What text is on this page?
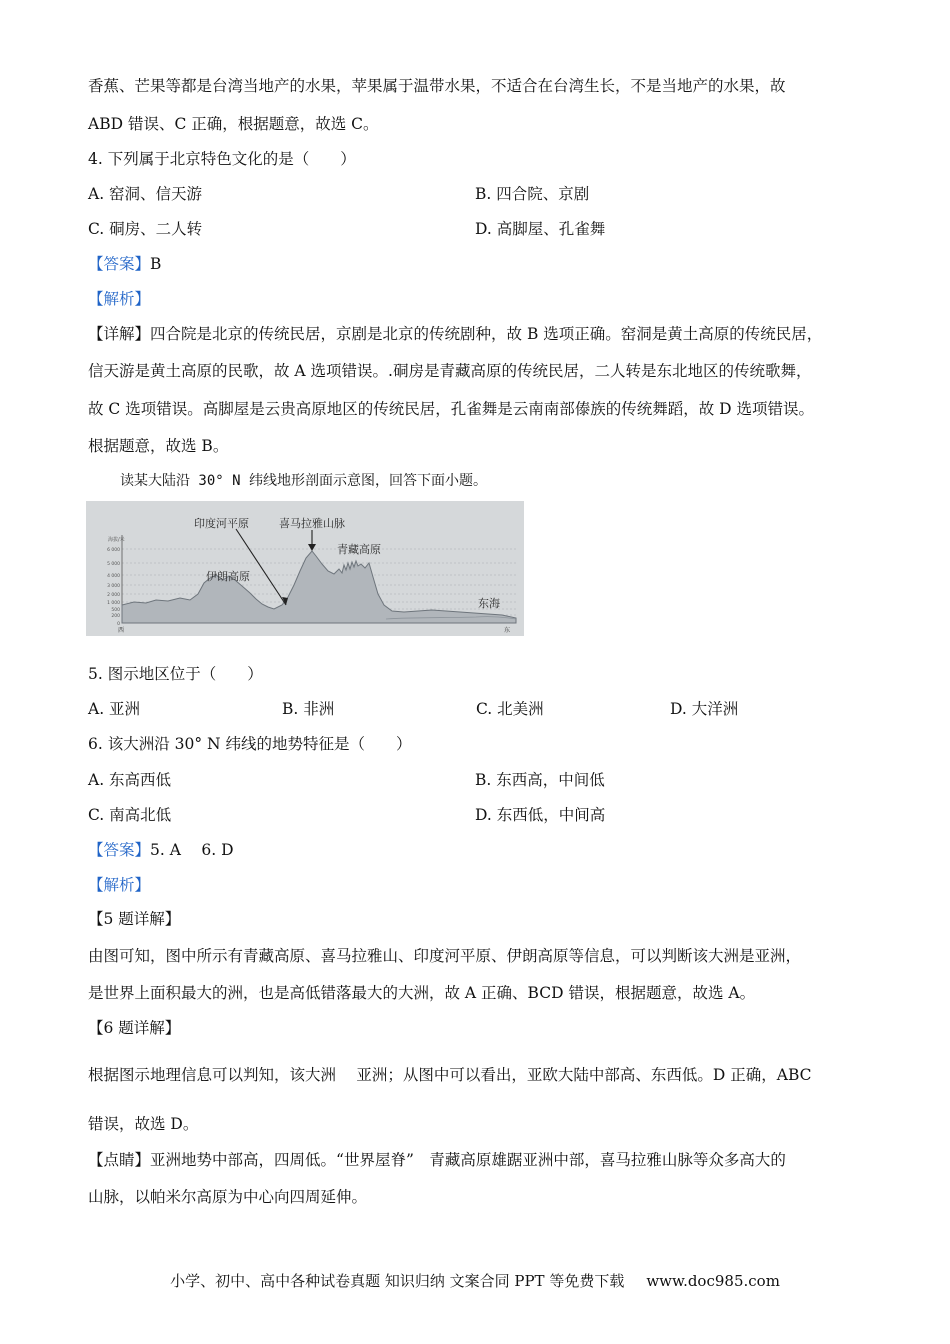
香蕉、芒果等都是台湾当地产的水果，苹果属于温带水果，不适合在台湾生长，不是当地产的水果，故
ABD 错误、C 正确，根据题意，故选 C。
4. 下列属于北京特色文化的是（　　）
A. 窑洞、信天游	B. 四合院、京剧
C. 硐房、二人转	D. 高脚屋、孔雀舞
【答案】B
【解析】
【详解】四合院是北京的传统民居，京剧是北京的传统剧种，故 B 选项正确。窑洞是黄土高原的传统民居，
信天游是黄土高原的民歌，故 A 选项错误。.硐房是青藏高原的传统民居，二人转是东北地区的传统歌舞，
故 C 选项错误。高脚屋是云贵高原地区的传统民居，孔雀舞是云南南部傣族的传统舞蹈，故 D 选项错误。
根据题意，故选 B。
读某大陆沿 30° N 纬线地形剖面示意图，回答下面小题。
6 000
5 000
4 000
3 000
2 000
1 000
500
200
0
海拔/米
印度河平原	喜马拉雅山脉
青藏高原
伊朗高原
东海
西	东
5. 图示地区位于（　　）
A. 亚洲	B. 非洲	C. 北美洲	D. 大洋洲
6. 该大洲沿 30° N 纬线的地势特征是（　　）
A. 东高西低	B. 东西高，中间低
C. 南高北低	D. 东西低，中间高
【答案】5. A　 6. D
【解析】
【5 题详解】
由图可知，图中所示有青藏高原、喜马拉雅山、印度河平原、伊朗高原等信息，可以判断该大洲是亚洲，
是世界上面积最大的洲，也是高低错落最大的大洲，故 A 正确、BCD 错误，根据题意，故选 A。
【6 题详解】
根据图示地理信息可以判知，该大洲　 亚洲；从图中可以看出，亚欧大陆中部高、东西低。D 正确，ABC
错误，故选 D。
【点睛】亚洲地势中部高，四周低。“世界屋脊”　青藏高原雄踞亚洲中部，喜马拉雅山脉等众多高大的
山脉，以帕米尔高原为中心向四周延伸。
小学、初中、高中各种试卷真题 知识归纳 文案合同 PPT 等免费下载 www.doc985.com
